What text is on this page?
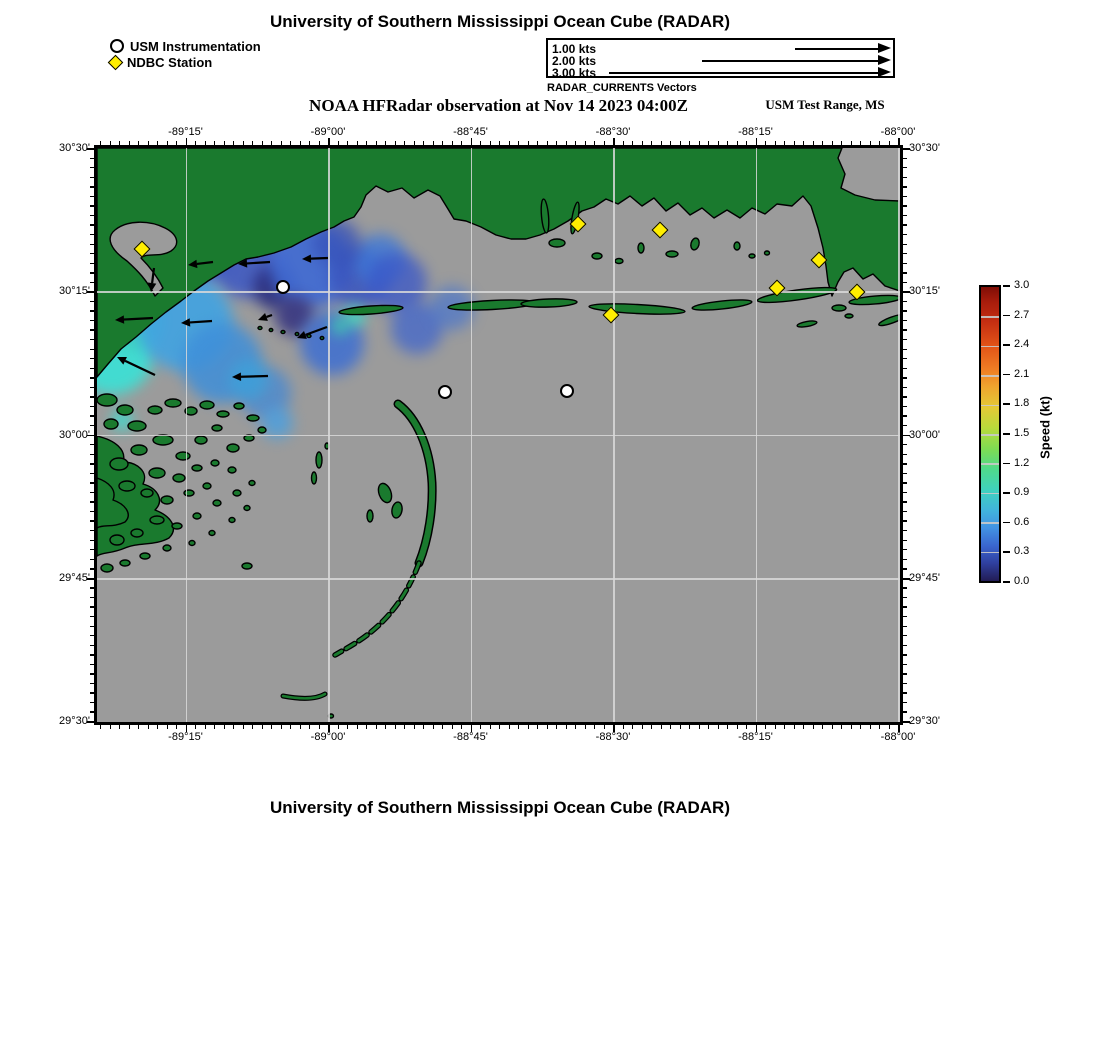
University of Southern Mississippi Ocean Cube (RADAR)
USM Instrumentation
NDBC Station
1.00 kts
2.00 kts
3.00 kts
RADAR_CURRENTS Vectors
NOAA HFRadar observation at Nov 14 2023 04:00Z	USM Test Range, MS
-89°15'
-89°15'
-89°00'
-89°00'
-88°45'
-88°45'
-88°30'
-88°30'
-88°15'
-88°15'
-88°00'
-88°00'
30°30'	30°30'
30°15'	30°15'
30°00'	30°00'
29°45'	29°45'
29°30'	29°30'
3.0
2.7
2.4
2.1
1.8
1.5
1.2
0.9
0.6
0.3
0.0
Speed (kt)
University of Southern Mississippi Ocean Cube (RADAR)
